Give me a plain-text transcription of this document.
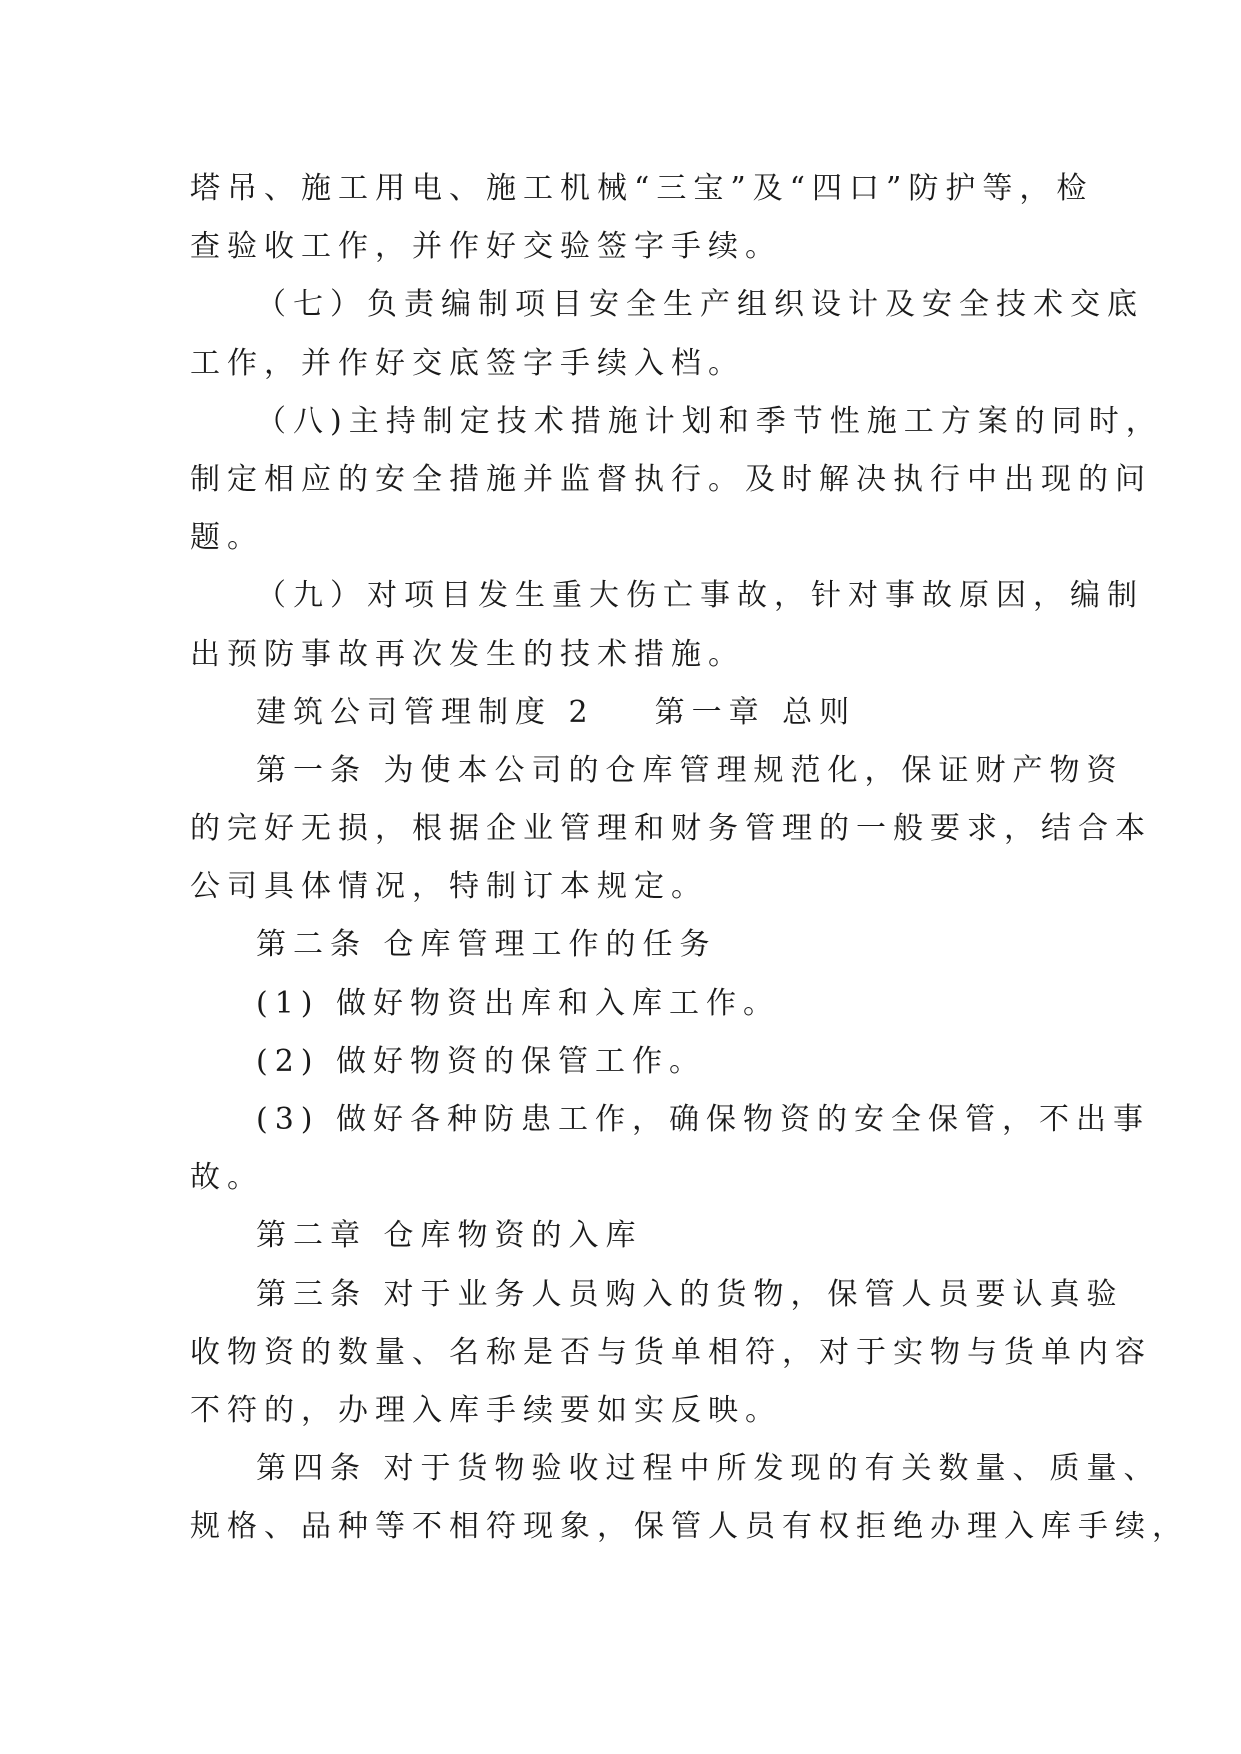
塔吊、施工用电、施工机械“三宝”及“四口”防护等，检
查验收工作，并作好交验签字手续。
（七）负责编制项目安全生产组织设计及安全技术交底
工作，并作好交底签字手续入档。
（八)主持制定技术措施计划和季节性施工方案的同时，
制定相应的安全措施并监督执行。及时解决执行中出现的问
题。
（九）对项目发生重大伤亡事故，针对事故原因，编制
出预防事故再次发生的技术措施。
建筑公司管理制度 2 第一章 总则
第一条 为使本公司的仓库管理规范化，保证财产物资
的完好无损，根据企业管理和财务管理的一般要求，结合本
公司具体情况，特制订本规定。
第二条 仓库管理工作的任务
(1) 做好物资出库和入库工作。
(2) 做好物资的保管工作。
(3) 做好各种防患工作，确保物资的安全保管，不出事
故。
第二章 仓库物资的入库
第三条 对于业务人员购入的货物，保管人员要认真验
收物资的数量、名称是否与货单相符，对于实物与货单内容
不符的，办理入库手续要如实反映。
第四条 对于货物验收过程中所发现的有关数量、质量、
规格、品种等不相符现象，保管人员有权拒绝办理入库手续，
